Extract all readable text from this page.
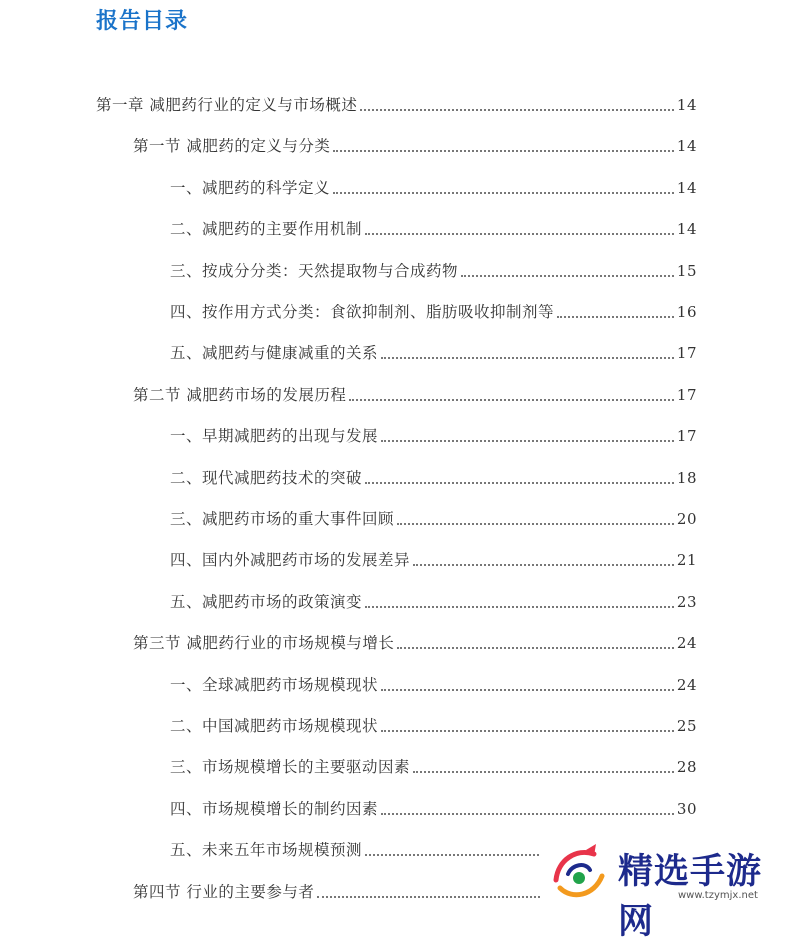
报告目录
第一章 减肥药行业的定义与市场概述	14
第一节 减肥药的定义与分类	14
一、减肥药的科学定义	14
二、减肥药的主要作用机制	14
三、按成分分类：天然提取物与合成药物	15
四、按作用方式分类：食欲抑制剂、脂肪吸收抑制剂等	16
五、减肥药与健康减重的关系	17
第二节 减肥药市场的发展历程	17
一、早期减肥药的出现与发展	17
二、现代减肥药技术的突破	18
三、减肥药市场的重大事件回顾	20
四、国内外减肥药市场的发展差异	21
五、减肥药市场的政策演变	23
第三节 减肥药行业的市场规模与增长	24
一、全球减肥药市场规模现状	24
二、中国减肥药市场规模现状	25
三、市场规模增长的主要驱动因素	28
四、市场规模增长的制约因素	30
五、未来五年市场规模预测
第四节 行业的主要参与者	精选手游网
www.tzymjx.net
